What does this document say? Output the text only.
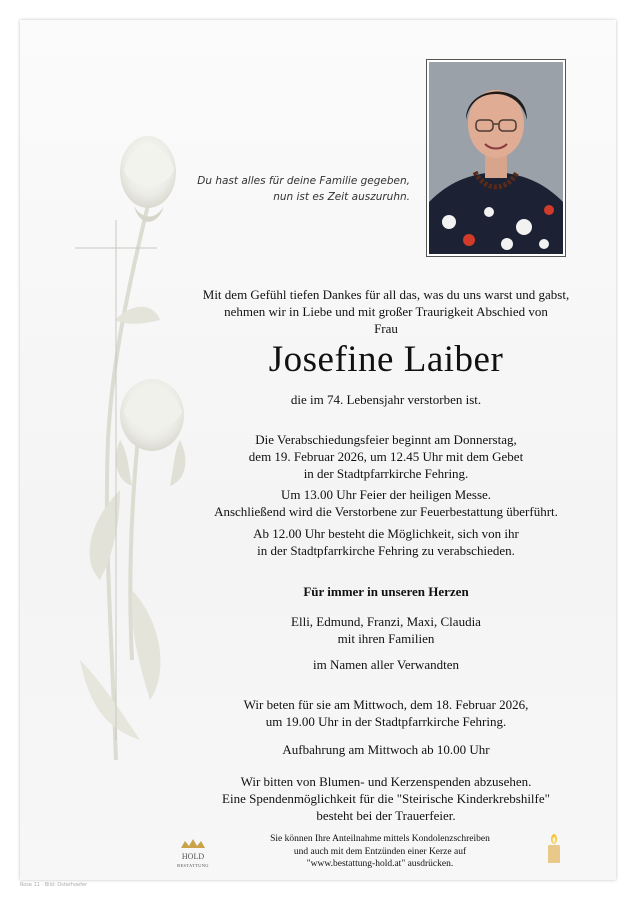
Du hast alles für deine Familie gegeben,
nun ist es Zeit auszuruhn.
Mit dem Gefühl tiefen Dankes für all das, was du uns warst und gabst,
nehmen wir in Liebe und mit großer Traurigkeit Abschied von
Frau
Josefine Laiber
die im 74. Lebensjahr verstorben ist.
Die Verabschiedungsfeier beginnt am Donnerstag,
dem 19. Februar 2026, um 12.45 Uhr mit dem Gebet
in der Stadtpfarrkirche Fehring.
Um 13.00 Uhr Feier der heiligen Messe.
Anschließend wird die Verstorbene zur Feuerbestattung überführt.
Ab 12.00 Uhr besteht die Möglichkeit, sich von ihr
in der Stadtpfarrkirche Fehring zu verabschieden.
Für immer in unseren Herzen
Elli, Edmund, Franzi, Maxi, Claudia
mit ihren Familien
im Namen aller Verwandten
Wir beten für sie am Mittwoch, dem 18. Februar 2026,
um 19.00 Uhr in der Stadtpfarrkirche Fehring.
Aufbahrung am Mittwoch ab 10.00 Uhr
Wir bitten von Blumen- und Kerzenspenden abzusehen.
Eine Spendenmöglichkeit für die "Steirische Kinderkrebshilfe"
besteht bei der Trauerfeier.
HOLD
BESTATTUNG
Sie können Ihre Anteilnahme mittels Kondolenzschreiben
und auch mit dem Entzünden einer Kerze auf
"www.bestattung-hold.at" ausdrücken.
Rose 11 · Bild: Osterhoefer
